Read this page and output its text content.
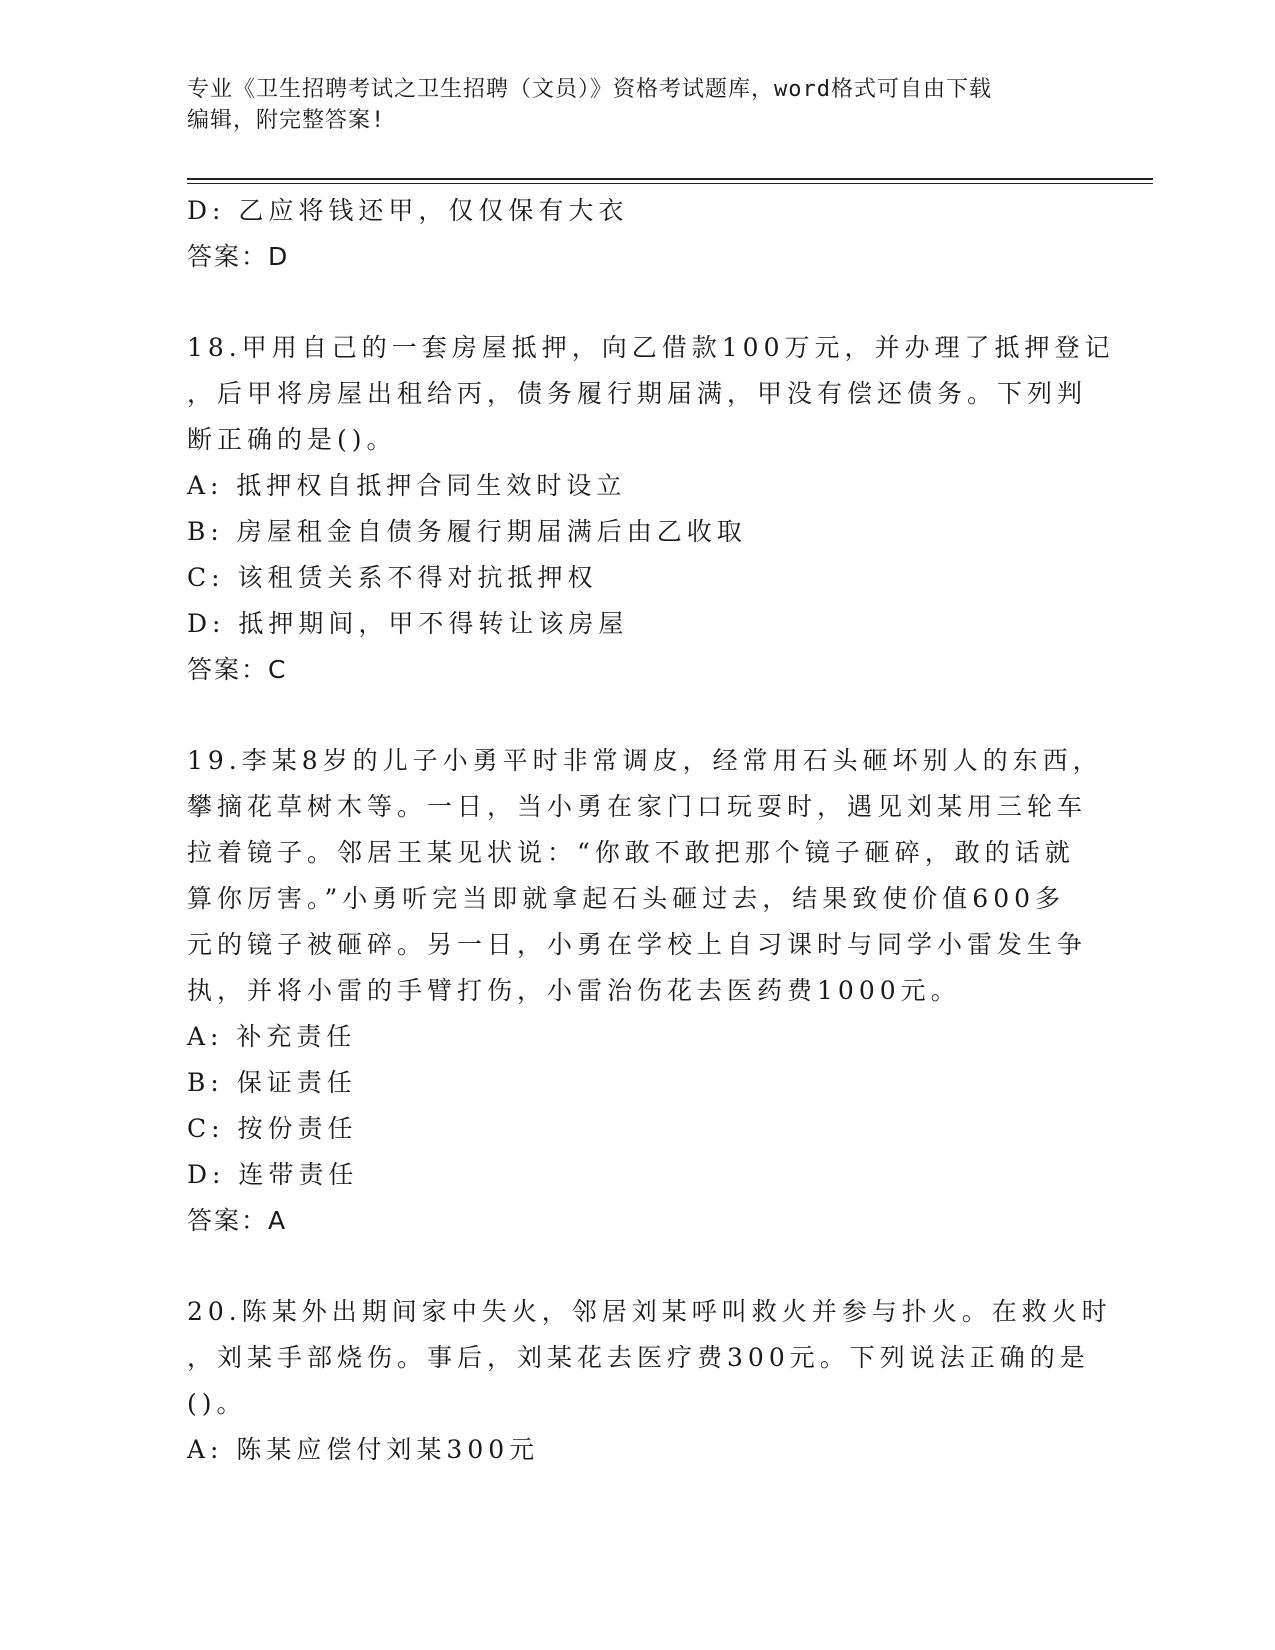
专业《卫生招聘考试之卫生招聘（文员）》资格考试题库，word格式可自由下载
编辑，附完整答案!
D: 乙应将钱还甲，仅仅保有大衣
答案：D
18.甲用自己的一套房屋抵押，向乙借款100万元，并办理了抵押登记
，后甲将房屋出租给丙，债务履行期届满，甲没有偿还债务。下列判
断正确的是()。
A: 抵押权自抵押合同生效时设立
B: 房屋租金自债务履行期届满后由乙收取
C: 该租赁关系不得对抗抵押权
D: 抵押期间，甲不得转让该房屋
答案：C
19.李某8岁的儿子小勇平时非常调皮，经常用石头砸坏别人的东西，
攀摘花草树木等。一日，当小勇在家门口玩耍时，遇见刘某用三轮车
拉着镜子。邻居王某见状说：“你敢不敢把那个镜子砸碎，敢的话就
算你厉害。”小勇听完当即就拿起石头砸过去，结果致使价值600多
元的镜子被砸碎。另一日，小勇在学校上自习课时与同学小雷发生争
执，并将小雷的手臂打伤，小雷治伤花去医药费1000元。
A: 补充责任
B: 保证责任
C: 按份责任
D: 连带责任
答案：A
20.陈某外出期间家中失火，邻居刘某呼叫救火并参与扑火。在救火时
，刘某手部烧伤。事后，刘某花去医疗费300元。下列说法正确的是
()。
A: 陈某应偿付刘某300元
